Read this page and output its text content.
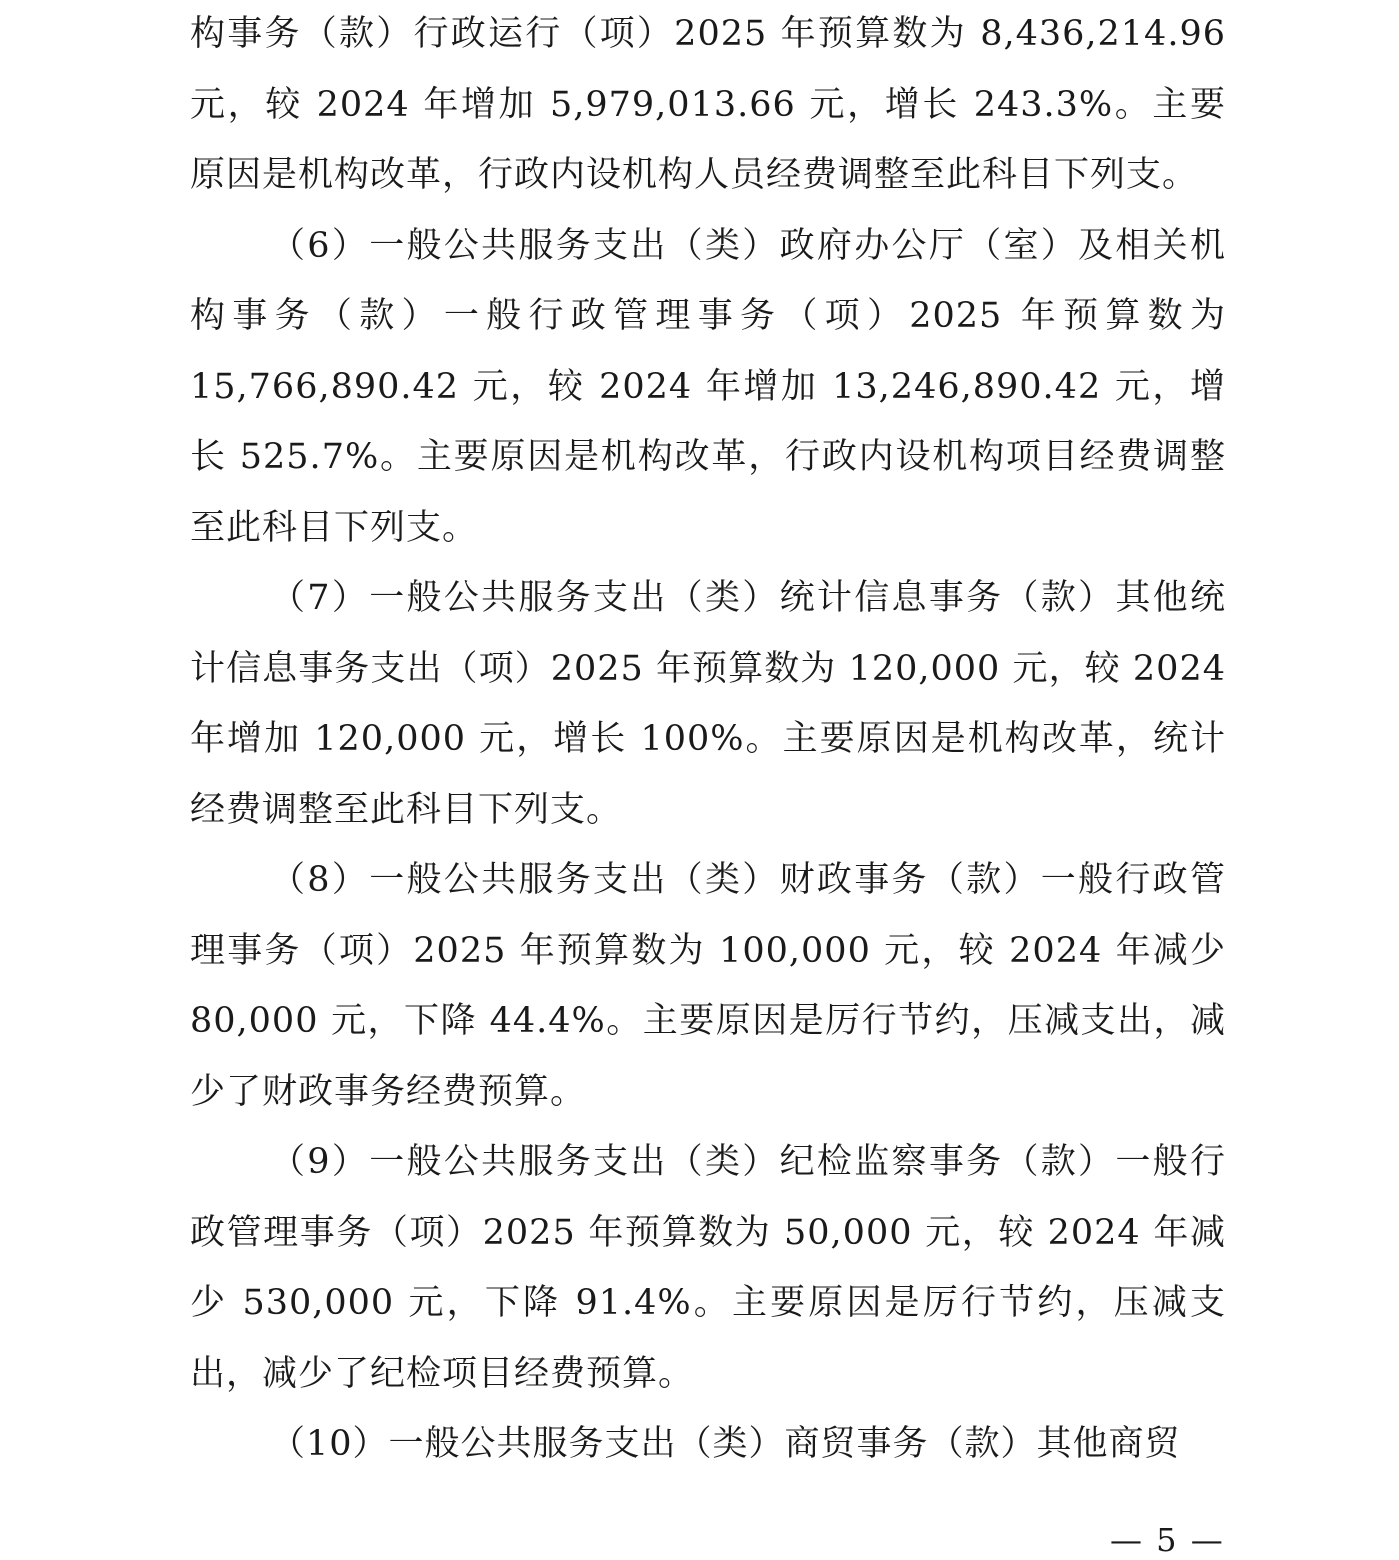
构事务（款）行政运行（项）2025 年预算数为 8,436,214.96 元，较 2024 年增加 5,979,013.66 元，增长 243.3%。主要原因是机构改革，行政内设机构人员经费调整至此科目下列支。

（6）一般公共服务支出（类）政府办公厅（室）及相关机构事务（款）一般行政管理事务（项）2025 年预算数为 15,766,890.42 元，较 2024 年增加 13,246,890.42 元，增长 525.7%。主要原因是机构改革，行政内设机构项目经费调整至此科目下列支。

（7）一般公共服务支出（类）统计信息事务（款）其他统计信息事务支出（项）2025 年预算数为 120,000 元，较 2024 年增加 120,000 元，增长 100%。主要原因是机构改革，统计经费调整至此科目下列支。

（8）一般公共服务支出（类）财政事务（款）一般行政管理事务（项）2025 年预算数为 100,000 元，较 2024 年减少 80,000 元，下降 44.4%。主要原因是厉行节约，压减支出，减少了财政事务经费预算。

（9）一般公共服务支出（类）纪检监察事务（款）一般行政管理事务（项）2025 年预算数为 50,000 元，较 2024 年减少 530,000 元，下降 91.4%。主要原因是厉行节约，压减支出，减少了纪检项目经费预算。

（10）一般公共服务支出（类）商贸事务（款）其他商贸

— 5 —
